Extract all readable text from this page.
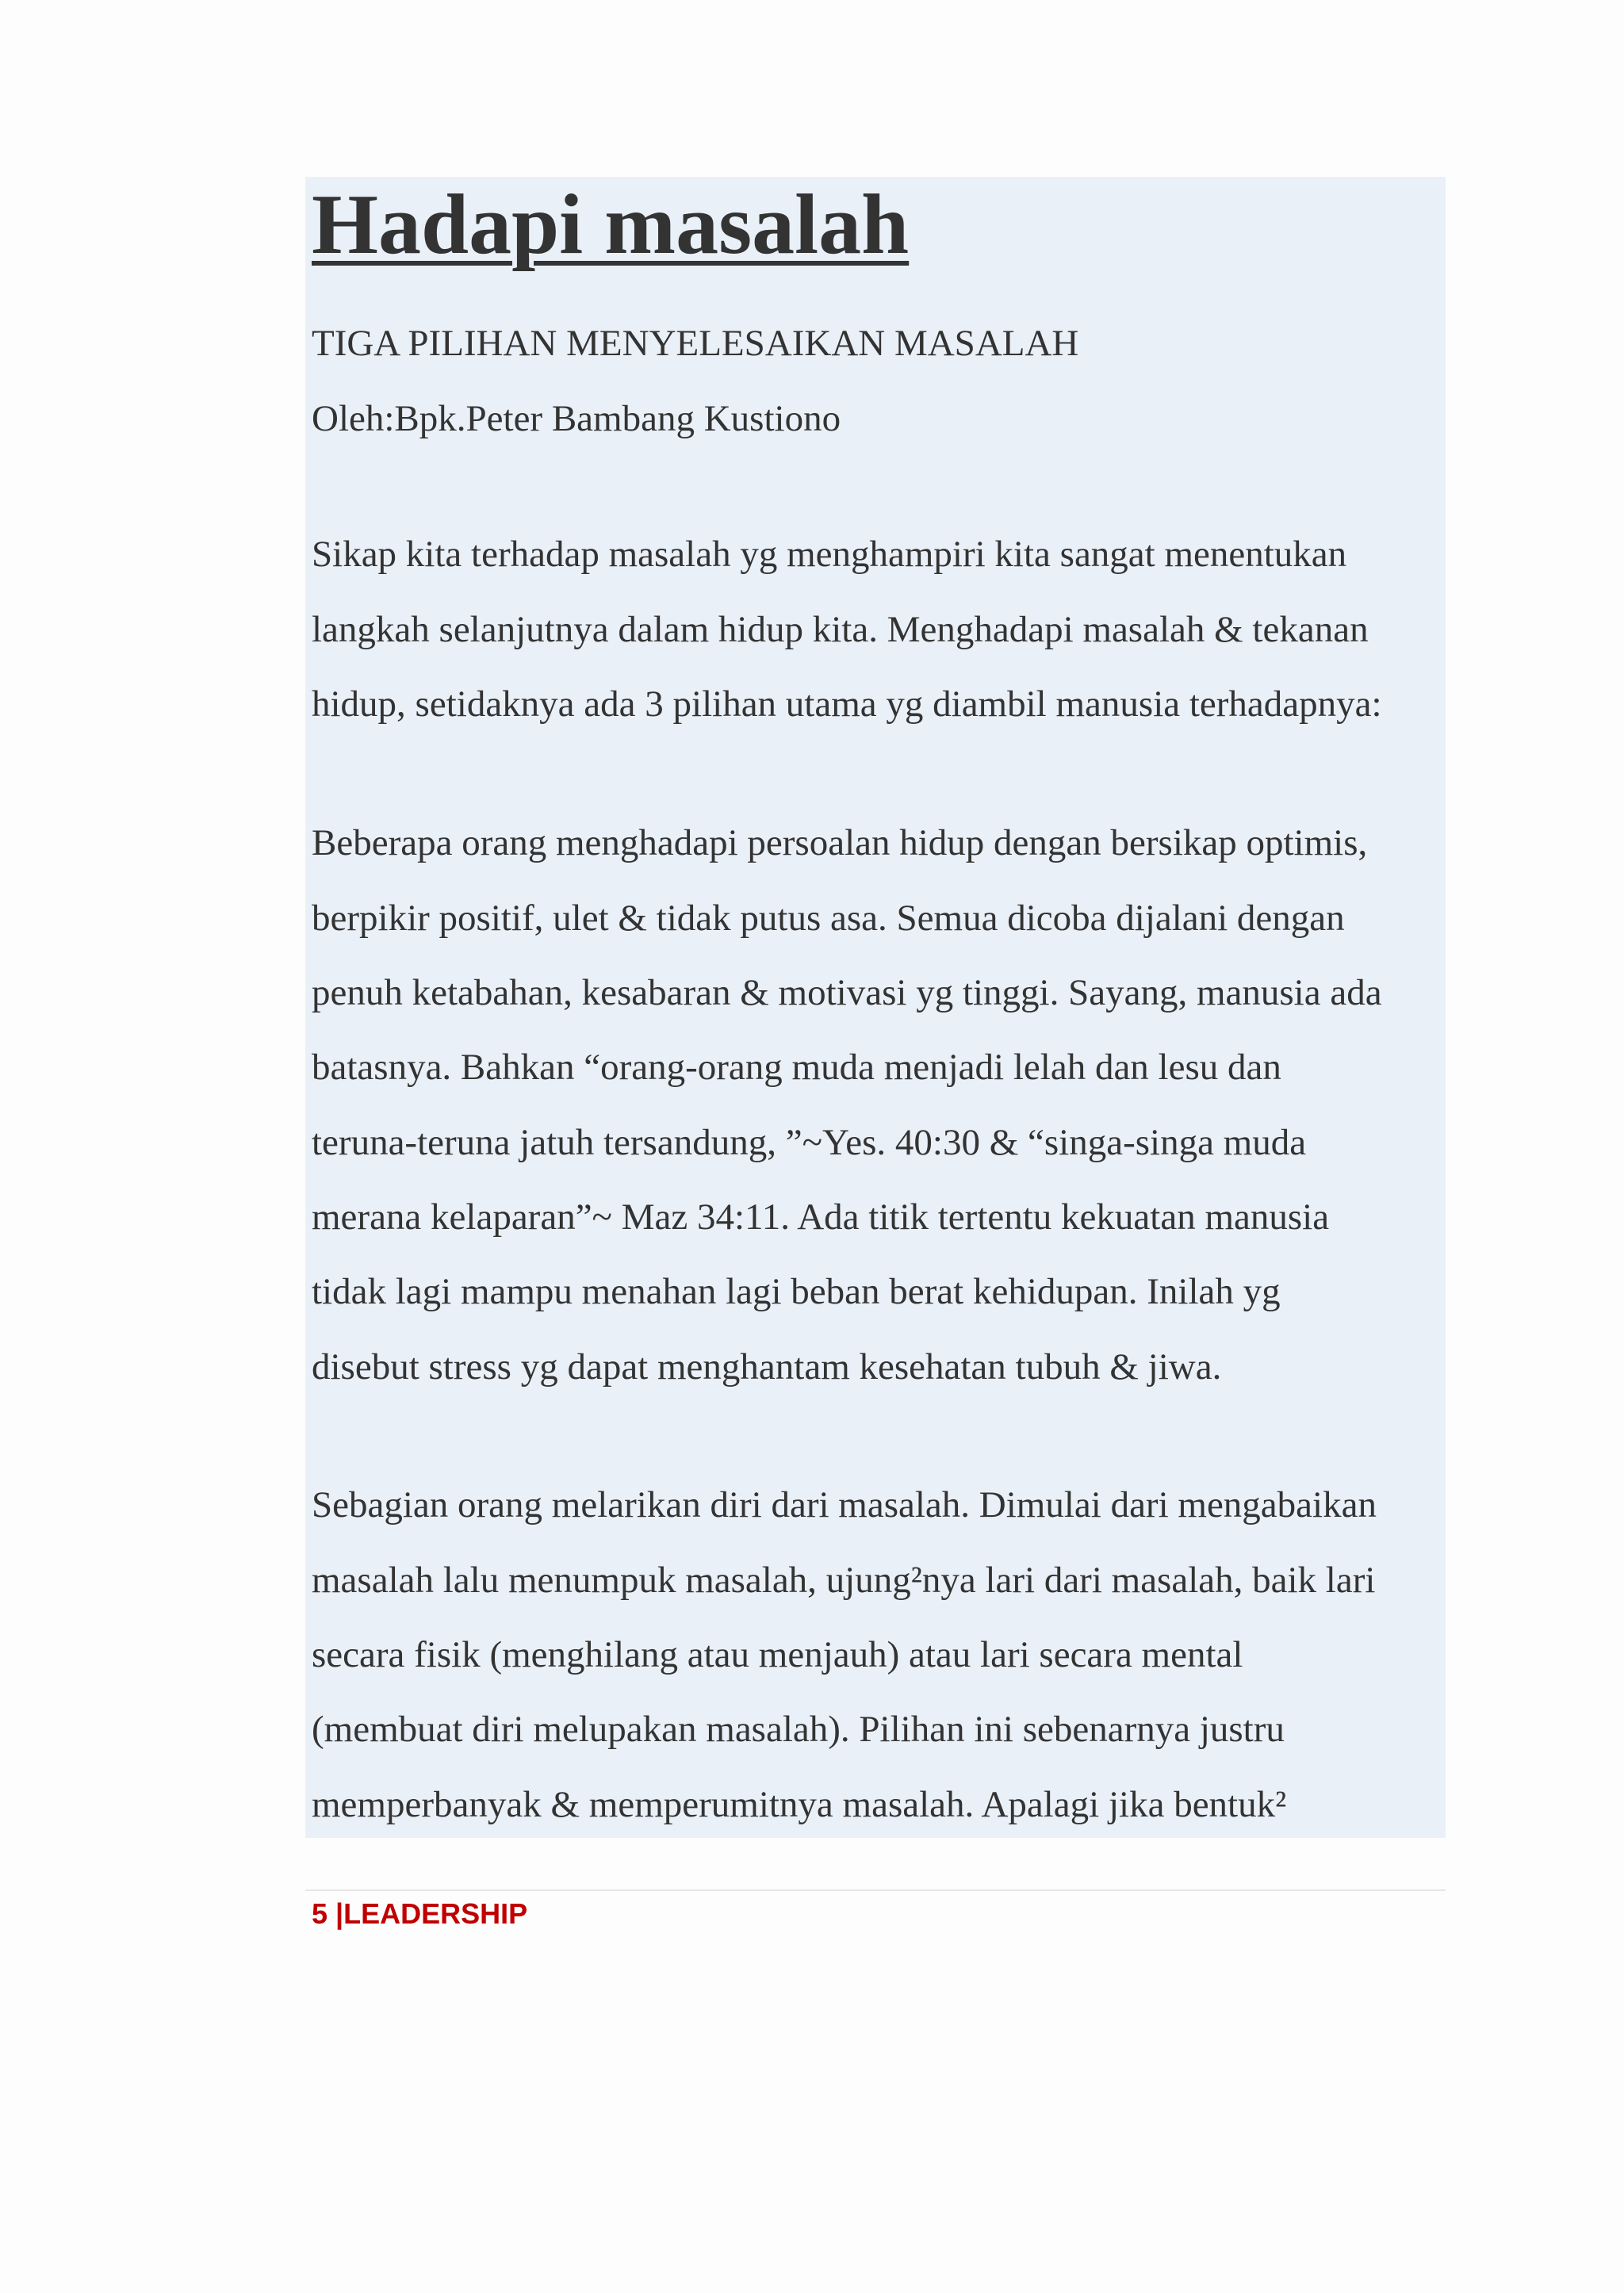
Hadapi masalah

TIGA PILIHAN MENYELESAIKAN MASALAH

Oleh:Bpk.Peter Bambang Kustiono

Sikap kita terhadap masalah yg menghampiri kita sangat menentukan

langkah selanjutnya dalam hidup kita. Menghadapi masalah & tekanan

hidup, setidaknya ada 3 pilihan utama yg diambil manusia terhadapnya:

Beberapa orang menghadapi persoalan hidup dengan bersikap optimis,

berpikir positif, ulet & tidak putus asa. Semua dicoba dijalani dengan

penuh ketabahan, kesabaran & motivasi yg tinggi. Sayang, manusia ada

batasnya. Bahkan “orang-orang muda menjadi lelah dan lesu dan

teruna-teruna jatuh tersandung, ”~Yes. 40:30 & “singa-singa muda

merana kelaparan”~ Maz 34:11. Ada titik tertentu kekuatan manusia

tidak lagi mampu menahan lagi beban berat kehidupan. Inilah yg

disebut stress yg dapat menghantam kesehatan tubuh & jiwa.

Sebagian orang melarikan diri dari masalah. Dimulai dari mengabaikan

masalah lalu menumpuk masalah, ujung²nya lari dari masalah, baik lari

secara fisik (menghilang atau menjauh) atau lari secara mental

(membuat diri melupakan masalah). Pilihan ini sebenarnya justru

memperbanyak & memperumitnya masalah. Apalagi jika bentuk²

5 |LEADERSHIP
